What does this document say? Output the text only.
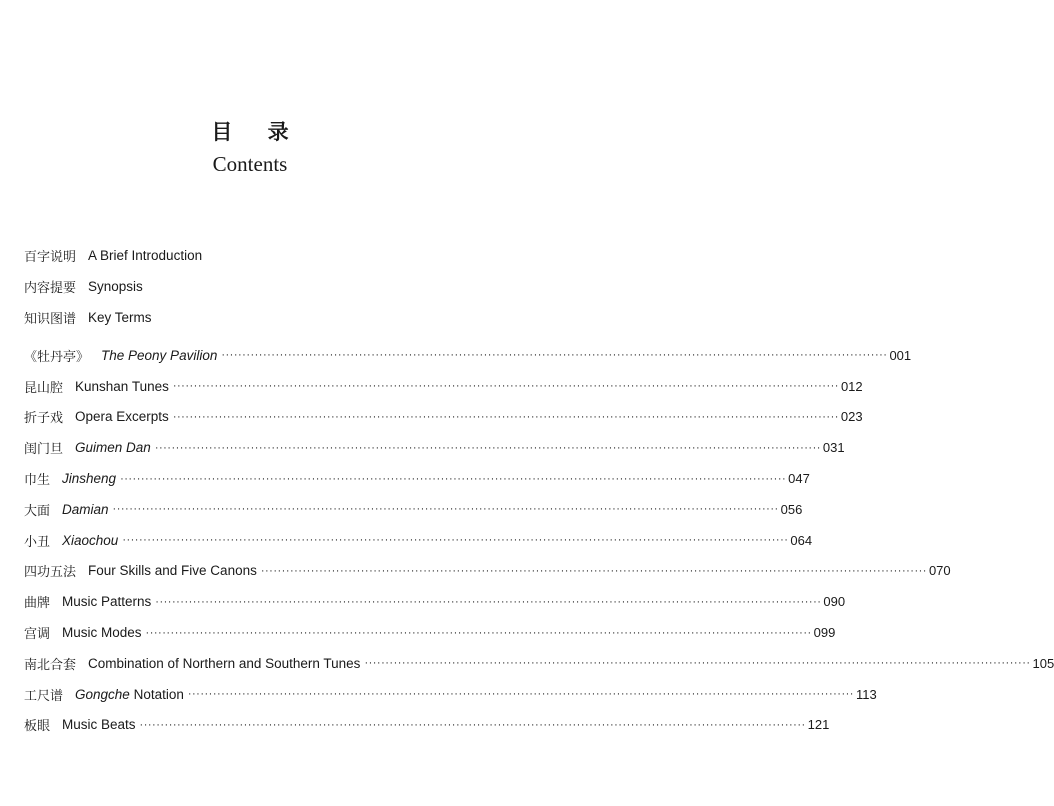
目 录
Contents
百字说明 A Brief Introduction
内容提要 Synopsis
知识图谱 Key Terms
《牡丹亭》 The Peony Pavilion ································································································································································ 001
昆山腔 Kunshan Tunes ································································································································································ 012
折子戏 Opera Excerpts ································································································································································ 023
闺门旦 Guimen Dan ································································································································································ 031
巾生 Jinsheng ································································································································································ 047
大面 Damian ································································································································································ 056
小丑 Xiaochou ································································································································································ 064
四功五法 Four Skills and Five Canons ································································································································································ 070
曲牌 Music Patterns ································································································································································ 090
宫调 Music Modes ································································································································································ 099
南北合套 Combination of Northern and Southern Tunes ································································································································································ 105
工尺谱 Gongche Notation ································································································································································ 113
板眼 Music Beats ································································································································································ 121
